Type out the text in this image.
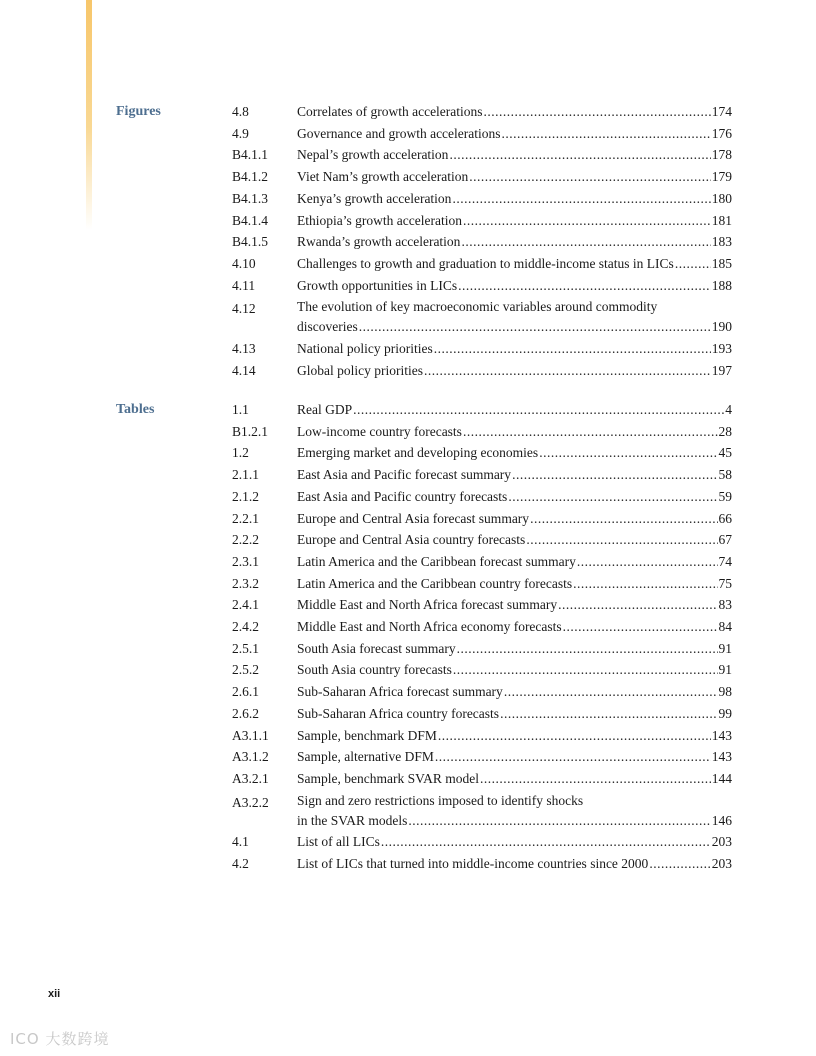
Figures	4.8	Correlates of growth accelerations .....	174
4.9	Governance and growth accelerations .....	176
B4.1.1 Nepal’s growth acceleration .....	178
B4.1.2 Viet Nam’s growth acceleration .....	179
B4.1.3 Kenya’s growth acceleration .....	180
B4.1.4 Ethiopia’s growth acceleration .....	181
B4.1.5 Rwanda’s growth acceleration .....	183
4.10	Challenges to growth and graduation to middle-income status in LICs .....	185
4.11	Growth opportunities in LICs .....	188
4.12	The evolution of key macroeconomic variables around commodity
discoveries .....	190
4.13	National policy priorities .....	193
4.14	Global policy priorities .....	197
Tables	1.1	Real GDP .....	4
B1.2.1 Low-income country forecasts .....	28
1.2	Emerging market and developing economies .....	45
2.1.1	East Asia and Pacific forecast summary .....	58
2.1.2	East Asia and Pacific country forecasts .....	59
2.2.1	Europe and Central Asia forecast summary .....	66
2.2.2	Europe and Central Asia country forecasts .....	67
2.3.1	Latin America and the Caribbean forecast summary .....	74
2.3.2	Latin America and the Caribbean country forecasts .....	75
2.4.1	Middle East and North Africa forecast summary .....	83
2.4.2	Middle East and North Africa economy forecasts .....	84
2.5.1	South Asia forecast summary .....	91
2.5.2	South Asia country forecasts .....	91
2.6.1	Sub-Saharan Africa forecast summary .....	98
2.6.2	Sub-Saharan Africa country forecasts .....	99
A3.1.1 Sample, benchmark DFM .....	143
A3.1.2 Sample, alternative DFM .....	143
A3.2.1 Sample, benchmark SVAR model .....	144
A3.2.2 Sign and zero restrictions imposed to identify shocks
in the SVAR models .....	146
4.1	List of all LICs .....	203
4.2	List of LICs that turned into middle-income countries since 2000 .....	203
xii
ICO 大数跨境
